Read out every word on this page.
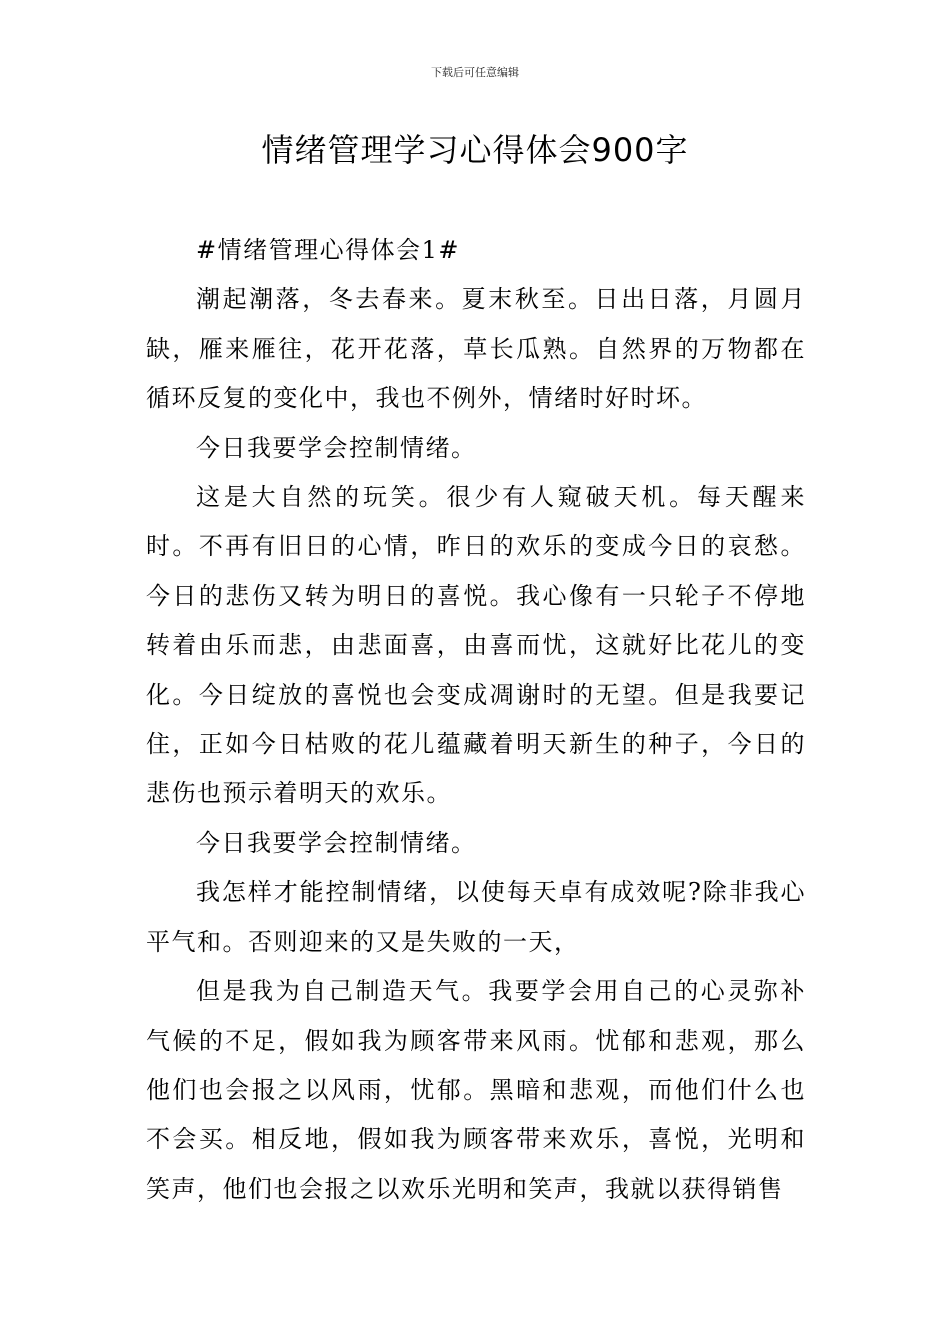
下载后可任意编辑
情绪管理学习心得体会900字

#情绪管理心得体会1#

潮起潮落，冬去春来。夏末秋至。日出日落，月圆月缺，雁来雁往，花开花落，草长瓜熟。自然界的万物都在循环反复的变化中，我也不例外，情绪时好时坏。

今日我要学会控制情绪。

这是大自然的玩笑。很少有人窥破天机。每天醒来时。不再有旧日的心情，昨日的欢乐的变成今日的哀愁。今日的悲伤又转为明日的喜悦。我心像有一只轮子不停地转着由乐而悲，由悲面喜，由喜而忧，这就好比花儿的变化。今日绽放的喜悦也会变成凋谢时的无望。但是我要记住，正如今日枯败的花儿蕴藏着明天新生的种子，今日的悲伤也预示着明天的欢乐。

今日我要学会控制情绪。

我怎样才能控制情绪，以使每天卓有成效呢?除非我心平气和。否则迎来的又是失败的一天，

但是我为自己制造天气。我要学会用自己的心灵弥补气候的不足，假如我为顾客带来风雨。忧郁和悲观，那么他们也会报之以风雨，忧郁。黑暗和悲观，而他们什么也不会买。相反地，假如我为顾客带来欢乐，喜悦，光明和笑声，他们也会报之以欢乐光明和笑声，我就以获得销售
